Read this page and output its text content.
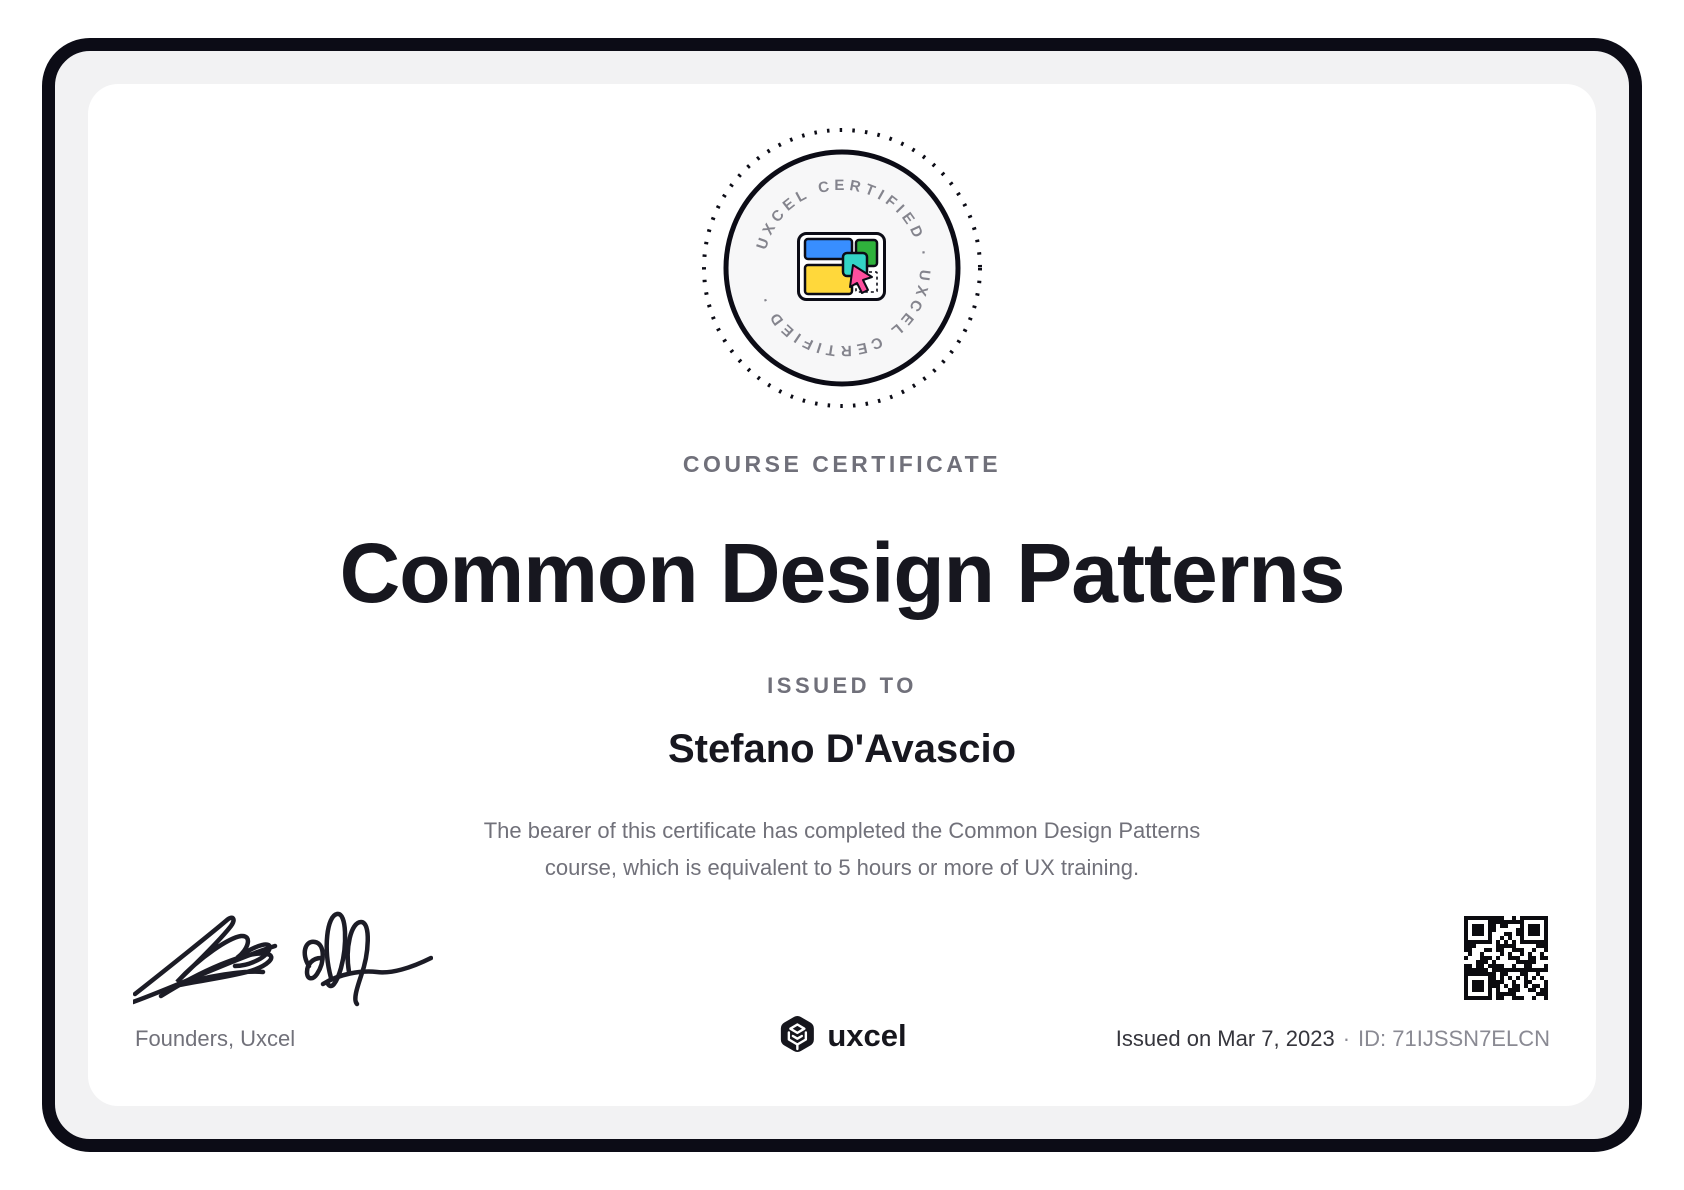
UXCEL CERTIFIED · UXCEL CERTIFIED ·
COURSE CERTIFICATE
Common Design Patterns
ISSUED TO
Stefano D'Avascio
The bearer of this certificate has completed the Common Design Patterns
course, which is equivalent to 5 hours or more of UX training.
Founders, Uxcel	uxcel	Issued on Mar 7, 2023 · ID: 71IJSSN7ELCN
